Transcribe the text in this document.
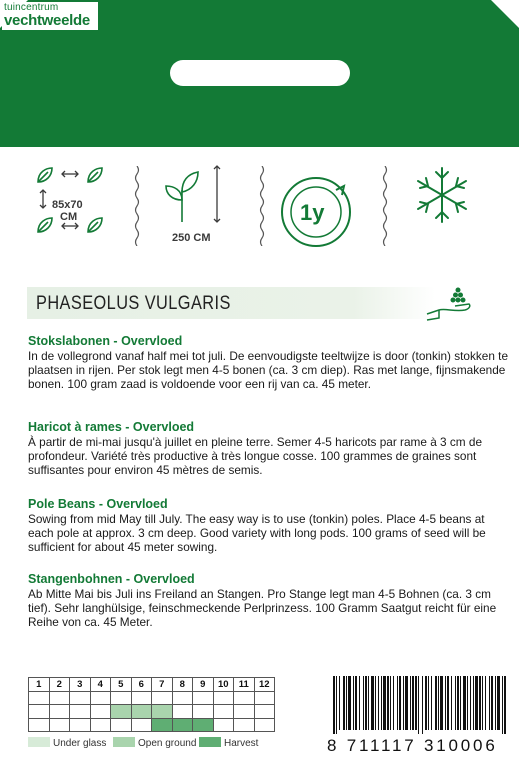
tuincentrum
vechtweelde
85x70
CM
250 CM
1y
PHASEOLUS VULGARIS

Stokslabonen - Overvloed

In de vollegrond vanaf half mei tot juli. De eenvoudigste teeltwijze is door (tonkin) stokken te plaatsen in rijen. Per stok legt men 4-5 bonen (ca. 3 cm diep). Ras met lange, fijnsmakende bonen. 100 gram zaad is voldoende voor een rij van ca. 45 meter.

Haricot à rames - Overvloed

À partir de mi-mai jusqu'à juillet en pleine terre. Semer 4-5 haricots par rame à 3 cm de profondeur. Variété très productive à très longue cosse. 100 grammes de graines sont suffisantes pour environ 45 mètres de semis.

Pole Beans - Overvloed

Sowing from mid May till July. The easy way is to use (tonkin) poles. Place 4-5 beans at each pole at approx. 3 cm deep. Good variety with long pods. 100 grams of seed will be sufficient for about 45 meter sowing.

Stangenbohnen - Overvloed

Ab Mitte Mai bis Juli ins Freiland an Stangen. Pro Stange legt man 4-5 Bohnen (ca. 3 cm tief). Sehr langhülsige, feinschmeckende Perlprinzess. 100 Gramm Saatgut reicht für eine Reihe von ca. 45 Meter.

1	2	3	4	5	6	7	8	9	10	11	12

Under glass	Open ground	Harvest	8 711117 310006
